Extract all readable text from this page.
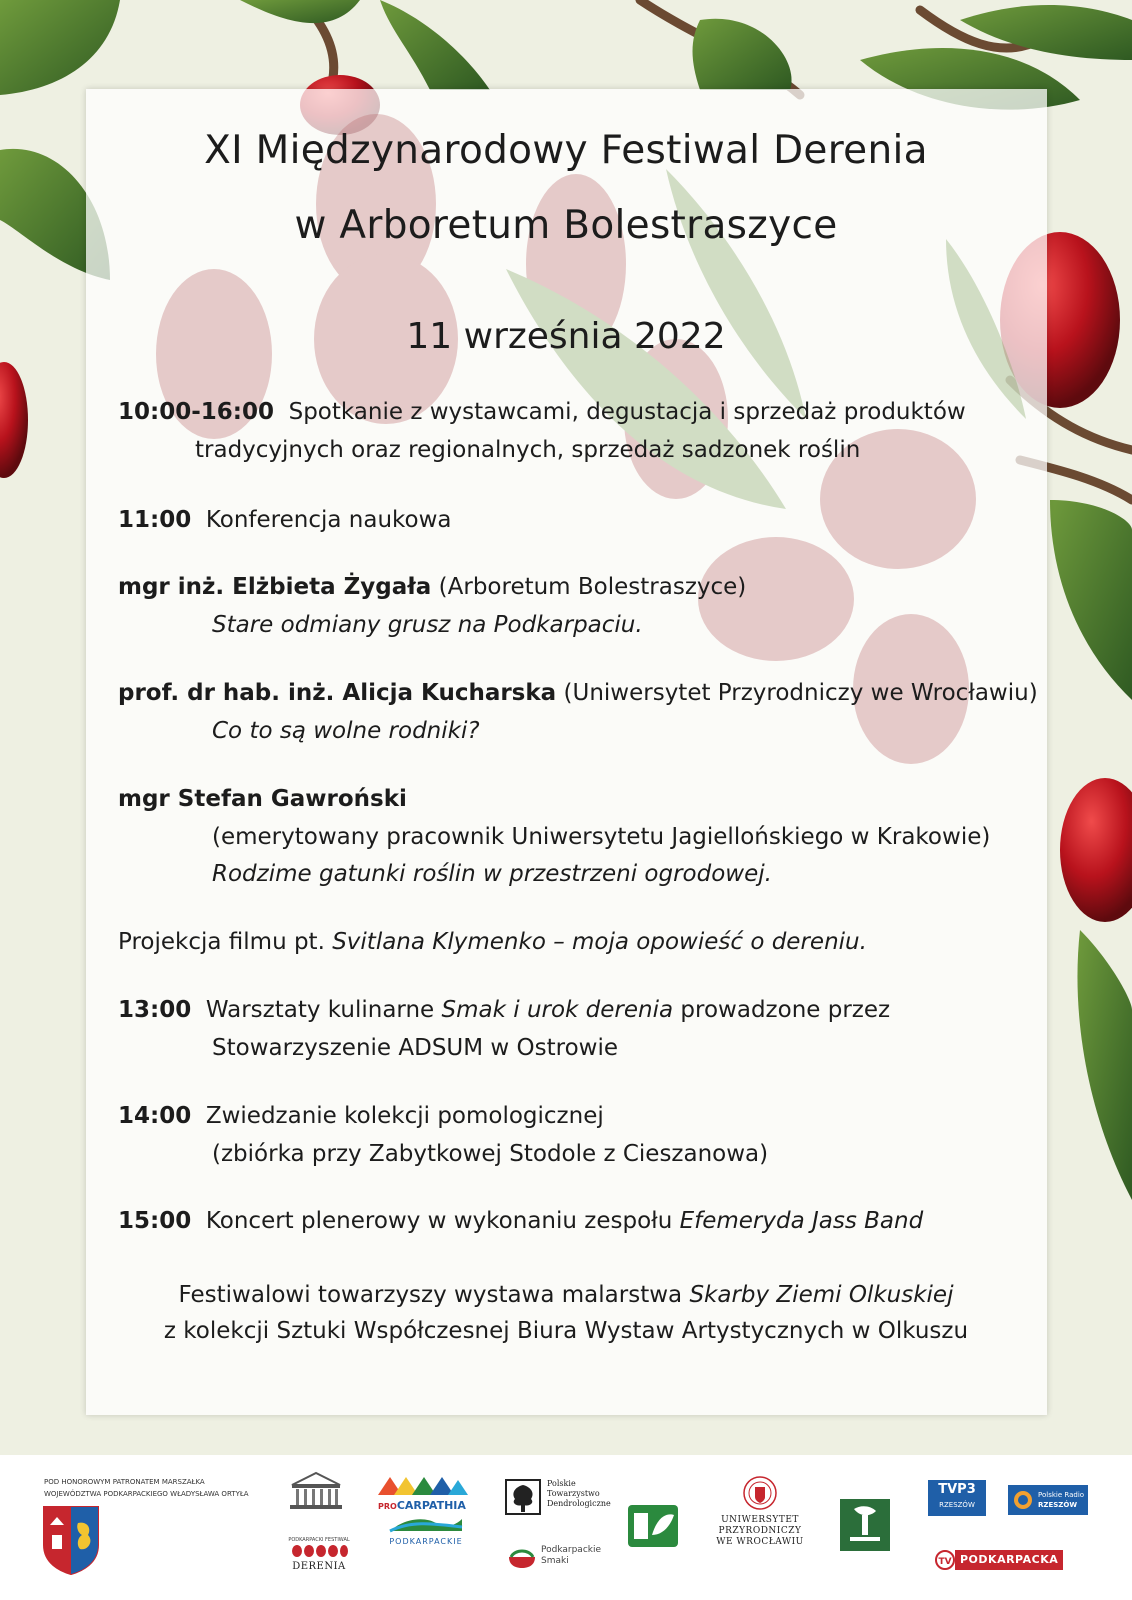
XI Międzynarodowy Festiwal Derenia
w Arboretum Bolestraszyce
11 września 2022
10:00-16:00 Spotkanie z wystawcami, degustacja i sprzedaż produktów
tradycyjnych oraz regionalnych, sprzedaż sadzonek roślin
11:00 Konferencja naukowa
mgr inż. Elżbieta Żygała (Arboretum Bolestraszyce)
Stare odmiany grusz na Podkarpaciu.
prof. dr hab. inż. Alicja Kucharska (Uniwersytet Przyrodniczy we Wrocławiu)
Co to są wolne rodniki?
mgr Stefan Gawroński
(emerytowany pracownik Uniwersytetu Jagiellońskiego w Krakowie)
Rodzime gatunki roślin w przestrzeni ogrodowej.
Projekcja filmu pt. Svitlana Klymenko – moja opowieść o dereniu.
13:00 Warsztaty kulinarne Smak i urok derenia prowadzone przez
Stowarzyszenie ADSUM w Ostrowie
14:00 Zwiedzanie kolekcji pomologicznej
(zbiórka przy Zabytkowej Stodole z Cieszanowa)
15:00 Koncert plenerowy w wykonaniu zespołu Efemeryda Jass Band
Festiwalowi towarzyszy wystawa malarstwa Skarby Ziemi Olkuskiej
z kolekcji Sztuki Współczesnej Biura Wystaw Artystycznych w Olkuszu
POD HONOROWYM PATRONATEM MARSZAŁKA
WOJEWÓDZTWA PODKARPACKIEGO WŁADYSŁAWA ORTYŁA
PODKARPACKI FESTIWAL
DERENIA
PROCARPATHIA
PODKARPACKIE
Polskie
Towarzystwo
Dendrologiczne
Podkarpackie
Smaki
UNIWERSYTET
PRZYRODNICZY
WE WROCŁAWIU
TVP3
RZESZÓW
Polskie Radio
RZESZÓW
TV PODKARPACKA
